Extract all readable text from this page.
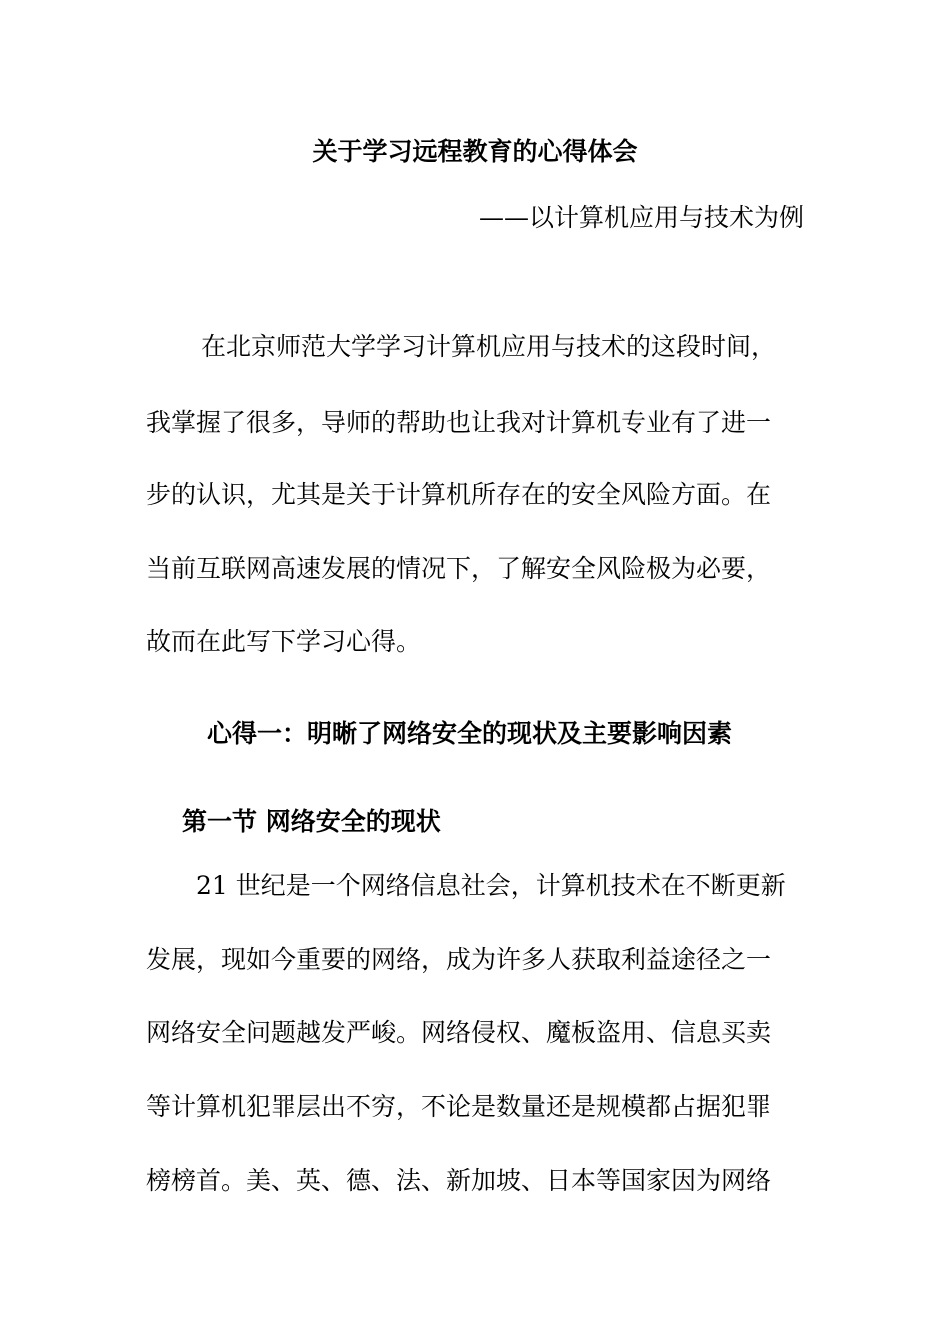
关于学习远程教育的心得体会
——以计算机应用与技术为例
在北京师范大学学习计算机应用与技术的这段时间，
我掌握了很多，导师的帮助也让我对计算机专业有了进一
步的认识，尤其是关于计算机所存在的安全风险方面。在
当前互联网高速发展的情况下，了解安全风险极为必要，
故而在此写下学习心得。
心得一：明晰了网络安全的现状及主要影响因素
第一节 网络安全的现状
21 世纪是一个网络信息社会，计算机技术在不断更新
发展，现如今重要的网络，成为许多人获取利益途径之一
网络安全问题越发严峻。网络侵权、魔板盗用、信息买卖
等计算机犯罪层出不穷，不论是数量还是规模都占据犯罪
榜榜首。美、英、德、法、新加坡、日本等国家因为网络
